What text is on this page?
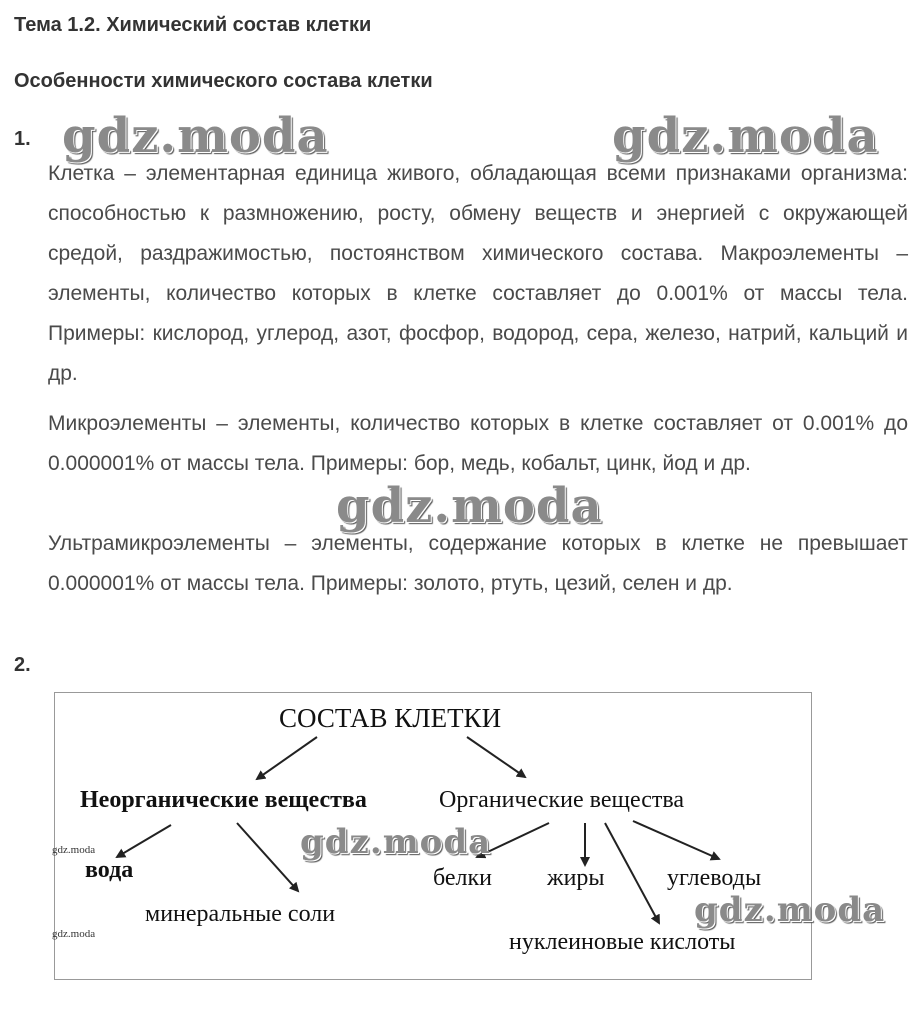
Тема 1.2. Химический состав клетки
Особенности химического состава клетки
1.
Клетка – элементарная единица живого, обладающая всеми признаками организма: способностью к размножению, росту, обмену веществ и энергией с окружающей средой, раздражимостью, постоянством химического состава. Макроэлементы – элементы, количество которых в клетке составляет до 0.001% от массы тела. Примеры: кислород, углерод, азот, фосфор, водород, сера, железо, натрий, кальций и др.
Микроэлементы – элементы, количество которых в клетке составляет от 0.001% до 0.000001% от массы тела. Примеры: бор, медь, кобальт, цинк, йод и др.
Ультрамикроэлементы – элементы, содержание которых в клетке не превышает 0.000001% от массы тела. Примеры: золото, ртуть, цезий, селен и др.
2.
СОСТАВ КЛЕТКИ
Неорганические вещества	Органические вещества
вода
минеральные соли
белки жиры	углеводы
нуклеиновые кислоты
gdz.moda	gdz.moda
gdz.moda
gdz.moda
gdz.moda
gdz.moda
gdz.moda
